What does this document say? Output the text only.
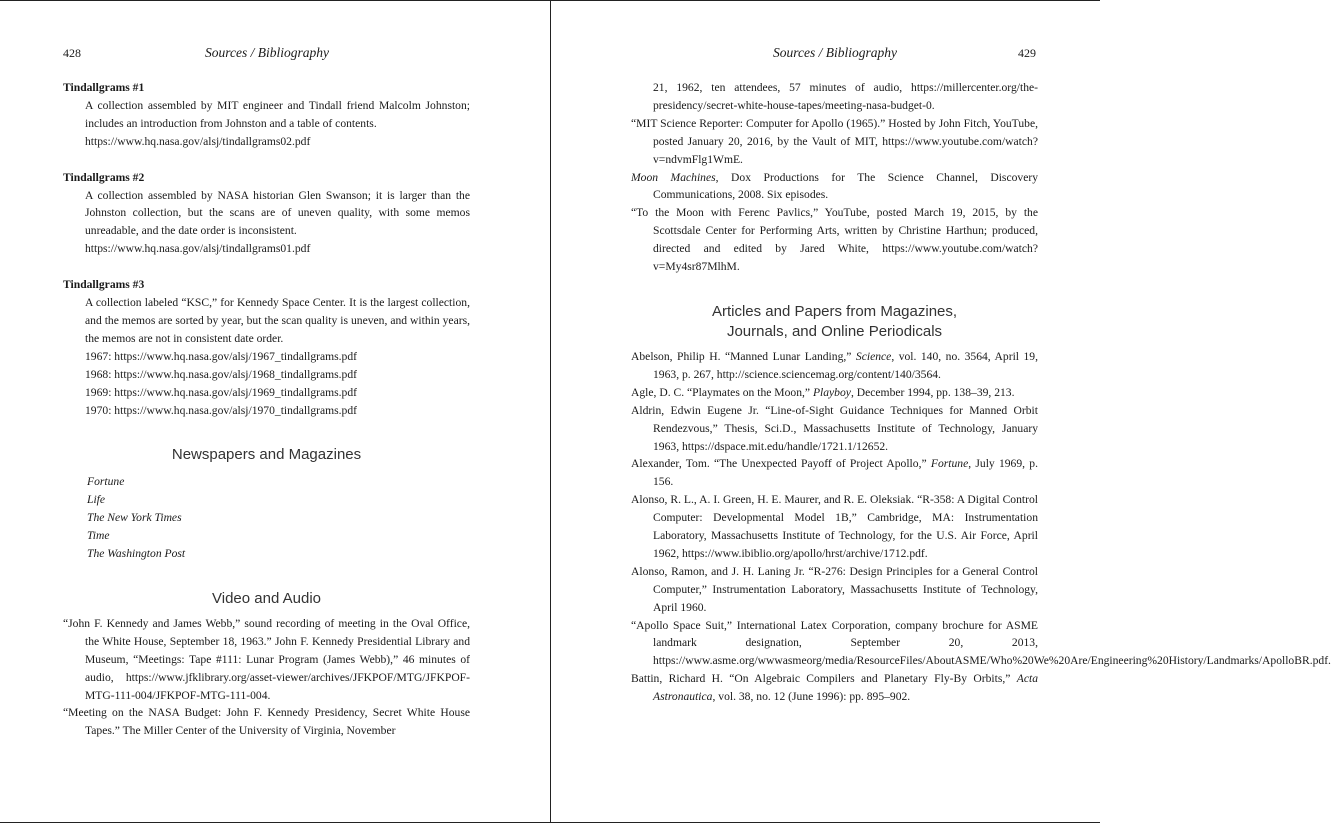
428	Sources / Bibliography

Tindallgrams #1

A collection assembled by MIT engineer and Tindall friend Malcolm Johnston; includes an introduction from Johnston and a table of contents.

https://www.hq.nasa.gov/alsj/tindallgrams02.pdf

Tindallgrams #2

A collection assembled by NASA historian Glen Swanson; it is larger than the Johnston collection, but the scans are of uneven quality, with some memos unreadable, and the date order is inconsistent.

https://www.hq.nasa.gov/alsj/tindallgrams01.pdf

Tindallgrams #3

A collection labeled “KSC,” for Kennedy Space Center. It is the largest collection, and the memos are sorted by year, but the scan quality is uneven, and within years, the memos are not in consistent date order.

1967: https://www.hq.nasa.gov/alsj/1967_tindallgrams.pdf

1968: https://www.hq.nasa.gov/alsj/1968_tindallgrams.pdf

1969: https://www.hq.nasa.gov/alsj/1969_tindallgrams.pdf

1970: https://www.hq.nasa.gov/alsj/1970_tindallgrams.pdf

Newspapers and Magazines

Fortune

Life

The New York Times

Time

The Washington Post

Video and Audio

“John F. Kennedy and James Webb,” sound recording of meeting in the Oval Office, the White House, September 18, 1963.” John F. Kennedy Presidential Library and Museum, “Meetings: Tape #111: Lunar Program (James Webb),” 46 minutes of audio, https://www.jfklibrary.org/asset-viewer/archives/JFKPOF/MTG/JFKPOF-MTG-111-004/JFKPOF-MTG-111-004.

“Meeting on the NASA Budget: John F. Kennedy Presidency, Secret White House Tapes.” The Miller Center of the University of Virginia, November

Sources / Bibliography	429

21, 1962, ten attendees, 57 minutes of audio, https://millercenter.org/the-presidency/secret-white-house-tapes/meeting-nasa-budget-0.

“MIT Science Reporter: Computer for Apollo (1965).” Hosted by John Fitch, YouTube, posted January 20, 2016, by the Vault of MIT, https://www.youtube.com/watch?v=ndvmFlg1WmE.

Moon Machines, Dox Productions for The Science Channel, Discovery Communications, 2008. Six episodes.

“To the Moon with Ferenc Pavlics,” YouTube, posted March 19, 2015, by the Scottsdale Center for Performing Arts, written by Christine Harthun; produced, directed and edited by Jared White, https://www.youtube.com/watch?v=My4sr87MlhM.

Articles and Papers from Magazines,

Journals, and Online Periodicals

Abelson, Philip H. “Manned Lunar Landing,” Science, vol. 140, no. 3564, April 19, 1963, p. 267, http://science.sciencemag.org/content/140/3564.

Agle, D. C. “Playmates on the Moon,” Playboy, December 1994, pp. 138–39, 213.

Aldrin, Edwin Eugene Jr. “Line-of-Sight Guidance Techniques for Manned Orbit Rendezvous,” Thesis, Sci.D., Massachusetts Institute of Technology, January 1963, https://dspace.mit.edu/handle/1721.1/12652.

Alexander, Tom. “The Unexpected Payoff of Project Apollo,” Fortune, July 1969, p. 156.

Alonso, R. L., A. I. Green, H. E. Maurer, and R. E. Oleksiak. “R-358: A Digital Control Computer: Developmental Model 1B,” Cambridge, MA: Instrumentation Laboratory, Massachusetts Institute of Technology, for the U.S. Air Force, April 1962, https://www.ibiblio.org/apollo/hrst/archive/1712.pdf.

Alonso, Ramon, and J. H. Laning Jr. “R-276: Design Principles for a General Control Computer,” Instrumentation Laboratory, Massachusetts Institute of Technology, April 1960.

“Apollo Space Suit,” International Latex Corporation, company brochure for ASME landmark designation, September 20, 2013, https://www.asme.org/wwwasmeorg/media/ResourceFiles/AboutASME/Who%20We%20Are/Engineering%20History/Landmarks/ApolloBR.pdf.

Battin, Richard H. “On Algebraic Compilers and Planetary Fly-By Orbits,” Acta Astronautica, vol. 38, no. 12 (June 1996): pp. 895–902.
